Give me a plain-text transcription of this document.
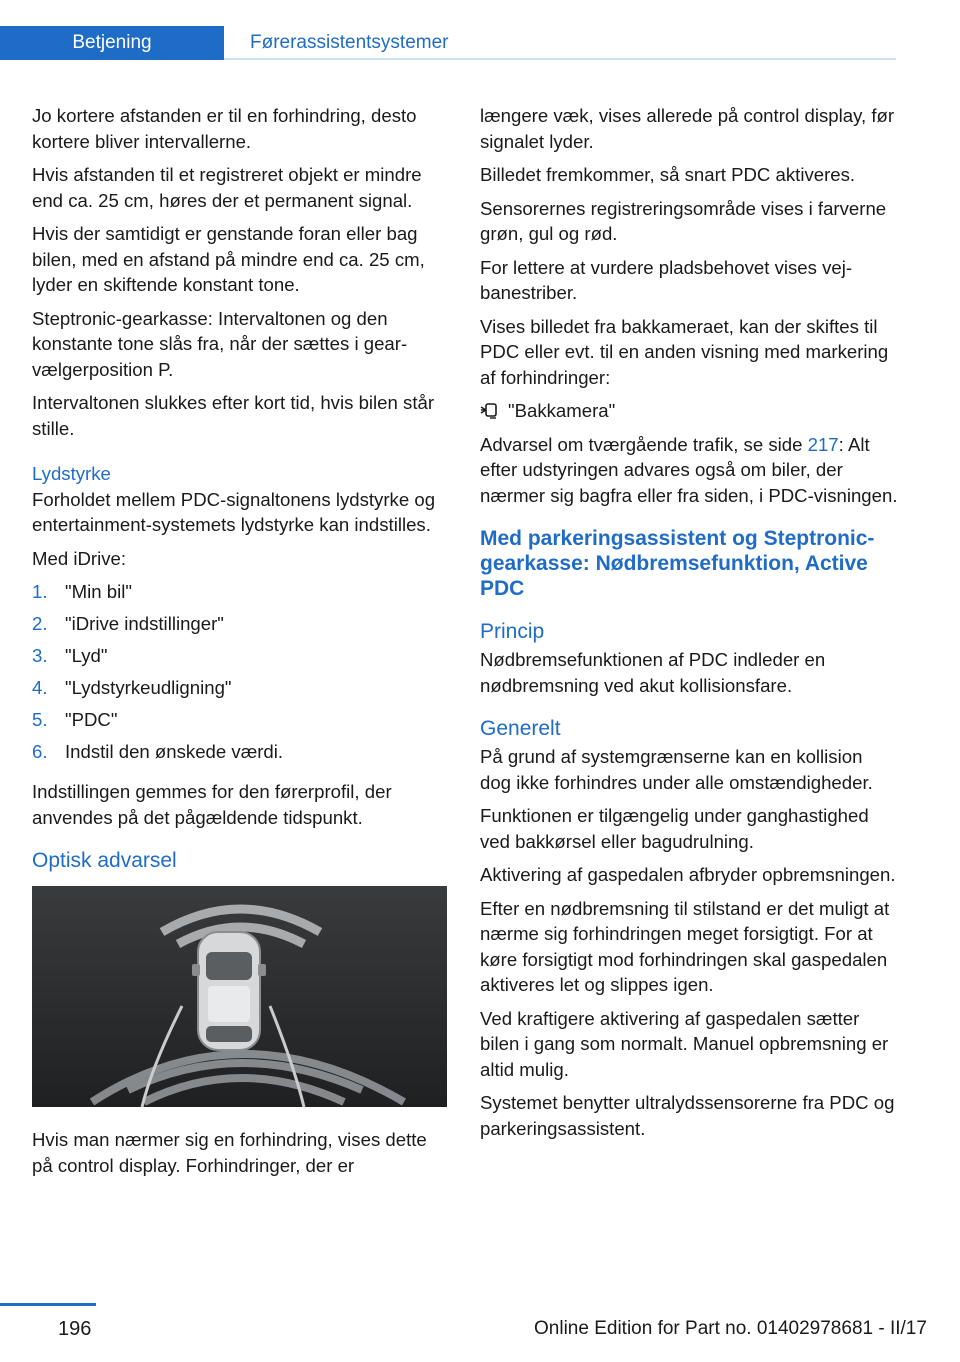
Betjening	Førerassistentsystemer

Jo kortere afstanden er til en forhindring, desto kortere bliver intervallerne.

Hvis afstanden til et registreret objekt er mindre end ca. 25 cm, høres der et permanent signal.

Hvis der samtidigt er genstande foran eller bag bilen, med en afstand på mindre end ca. 25 cm, lyder en skiftende konstant tone.

Steptronic-gearkasse: Intervaltonen og den konstante tone slås fra, når der sættes i gearvælgerposition P.

Intervaltonen slukkes efter kort tid, hvis bilen står stille.

Lydstyrke

Forholdet mellem PDC-signaltonens lydstyrke og entertainment-systemets lydstyrke kan indstilles.

Med iDrive:

1. "Min bil"
2. "iDrive indstillinger"
3. "Lyd"
4. "Lydstyrkeudligning"
5. "PDC"
6. Indstil den ønskede værdi.

Indstillingen gemmes for den førerprofil, der anvendes på det pågældende tidspunkt.

Optisk advarsel

Hvis man nærmer sig en forhindring, vises dette på control display. Forhindringer, der er

længere væk, vises allerede på control display, før signalet lyder.

Billedet fremkommer, så snart PDC aktiveres.

Sensorernes registreringsområde vises i farverne grøn, gul og rød.

For lettere at vurdere pladsbehovet vises vejbanestriber.

Vises billedet fra bakkameraet, kan der skiftes til PDC eller evt. til en anden visning med markering af forhindringer:

"Bakkamera"

Advarsel om tværgående trafik, se side 217: Alt efter udstyringen advares også om biler, der nærmer sig bagfra eller fra siden, i PDC-visningen.

Med parkeringsassistent og Steptronic-gearkasse: Nødbremsefunktion, Active PDC
Princip

Nødbremsefunktionen af PDC indleder en nødbremsning ved akut kollisionsfare.

Generelt

På grund af systemgrænserne kan en kollision dog ikke forhindres under alle omstændigheder.

Funktionen er tilgængelig under ganghastighed ved bakkørsel eller bagudrulning.

Aktivering af gaspedalen afbryder opbremsningen.

Efter en nødbremsning til stilstand er det muligt at nærme sig forhindringen meget forsigtigt. For at køre forsigtigt mod forhindringen skal gaspedalen aktiveres let og slippes igen.

Ved kraftigere aktivering af gaspedalen sætter bilen i gang som normalt. Manuel opbremsning er altid mulig.

Systemet benytter ultralydssensorerne fra PDC og parkeringsassistent.

196	Online Edition for Part no. 01402978681 - II/17
